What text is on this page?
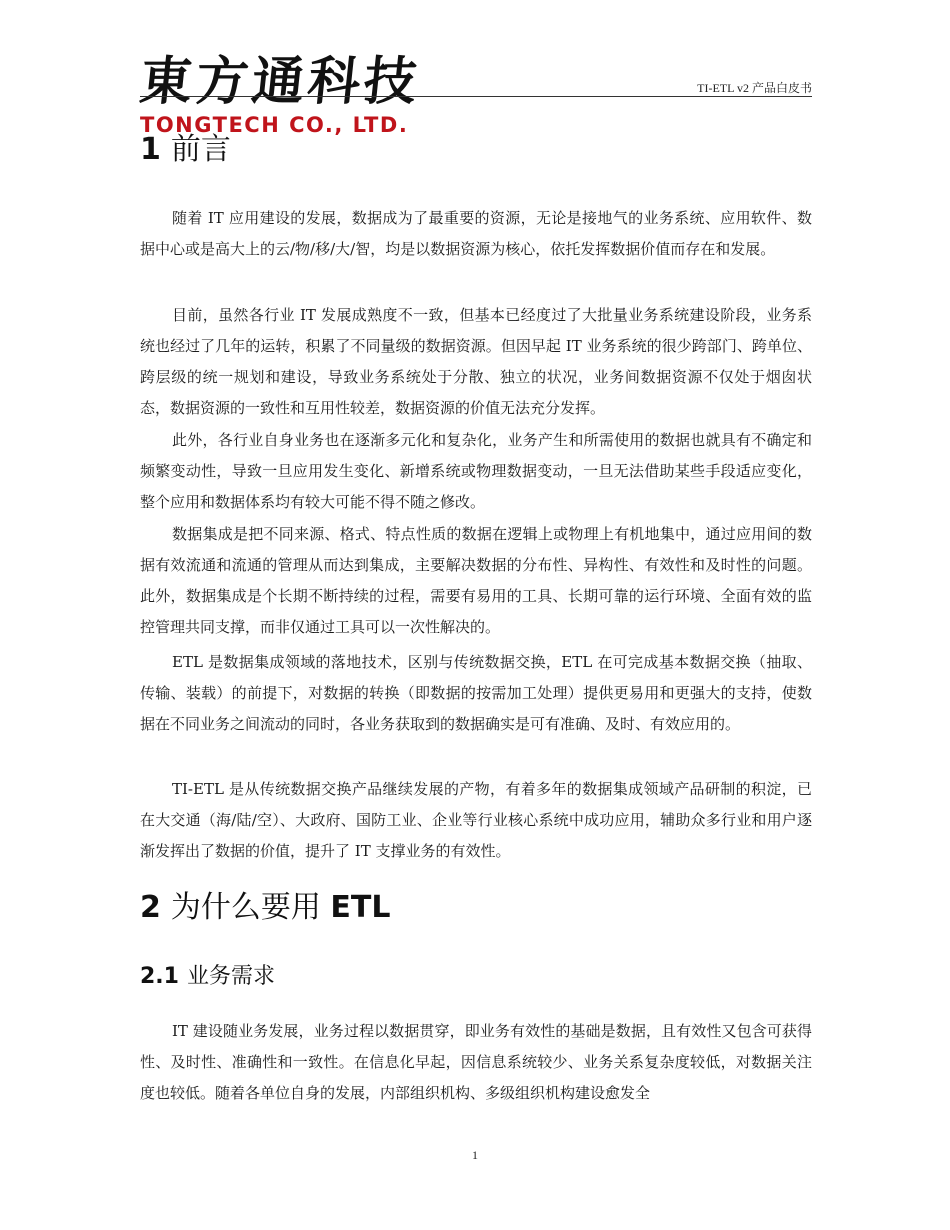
東方通科技
TONGTECH CO., LTD.
TI-ETL v2 产品白皮书
1 前言

随着 IT 应用建设的发展，数据成为了最重要的资源，无论是接地气的业务系统、应用软件、数据中心或是高大上的云/物/移/大/智，均是以数据资源为核心，依托发挥数据价值而存在和发展。

目前，虽然各行业 IT 发展成熟度不一致，但基本已经度过了大批量业务系统建设阶段，业务系统也经过了几年的运转，积累了不同量级的数据资源。但因早起 IT 业务系统的很少跨部门、跨单位、跨层级的统一规划和建设，导致业务系统处于分散、独立的状况，业务间数据资源不仅处于烟囱状态，数据资源的一致性和互用性较差，数据资源的价值无法充分发挥。

此外，各行业自身业务也在逐渐多元化和复杂化，业务产生和所需使用的数据也就具有不确定和频繁变动性，导致一旦应用发生变化、新增系统或物理数据变动，一旦无法借助某些手段适应变化，整个应用和数据体系均有较大可能不得不随之修改。

数据集成是把不同来源、格式、特点性质的数据在逻辑上或物理上有机地集中，通过应用间的数据有效流通和流通的管理从而达到集成，主要解决数据的分布性、异构性、有效性和及时性的问题。此外，数据集成是个长期不断持续的过程，需要有易用的工具、长期可靠的运行环境、全面有效的监控管理共同支撑，而非仅通过工具可以一次性解决的。

ETL 是数据集成领域的落地技术，区别与传统数据交换，ETL 在可完成基本数据交换（抽取、传输、装载）的前提下，对数据的转换（即数据的按需加工处理）提供更易用和更强大的支持，使数据在不同业务之间流动的同时，各业务获取到的数据确实是可有准确、及时、有效应用的。

TI-ETL 是从传统数据交换产品继续发展的产物，有着多年的数据集成领域产品研制的积淀，已在大交通（海/陆/空）、大政府、国防工业、企业等行业核心系统中成功应用，辅助众多行业和用户逐渐发挥出了数据的价值，提升了 IT 支撑业务的有效性。

2 为什么要用 ETL
2.1 业务需求

IT 建设随业务发展，业务过程以数据贯穿，即业务有效性的基础是数据，且有效性又包含可获得性、及时性、准确性和一致性。在信息化早起，因信息系统较少、业务关系复杂度较低，对数据关注度也较低。随着各单位自身的发展，内部组织机构、多级组织机构建设愈发全

1
